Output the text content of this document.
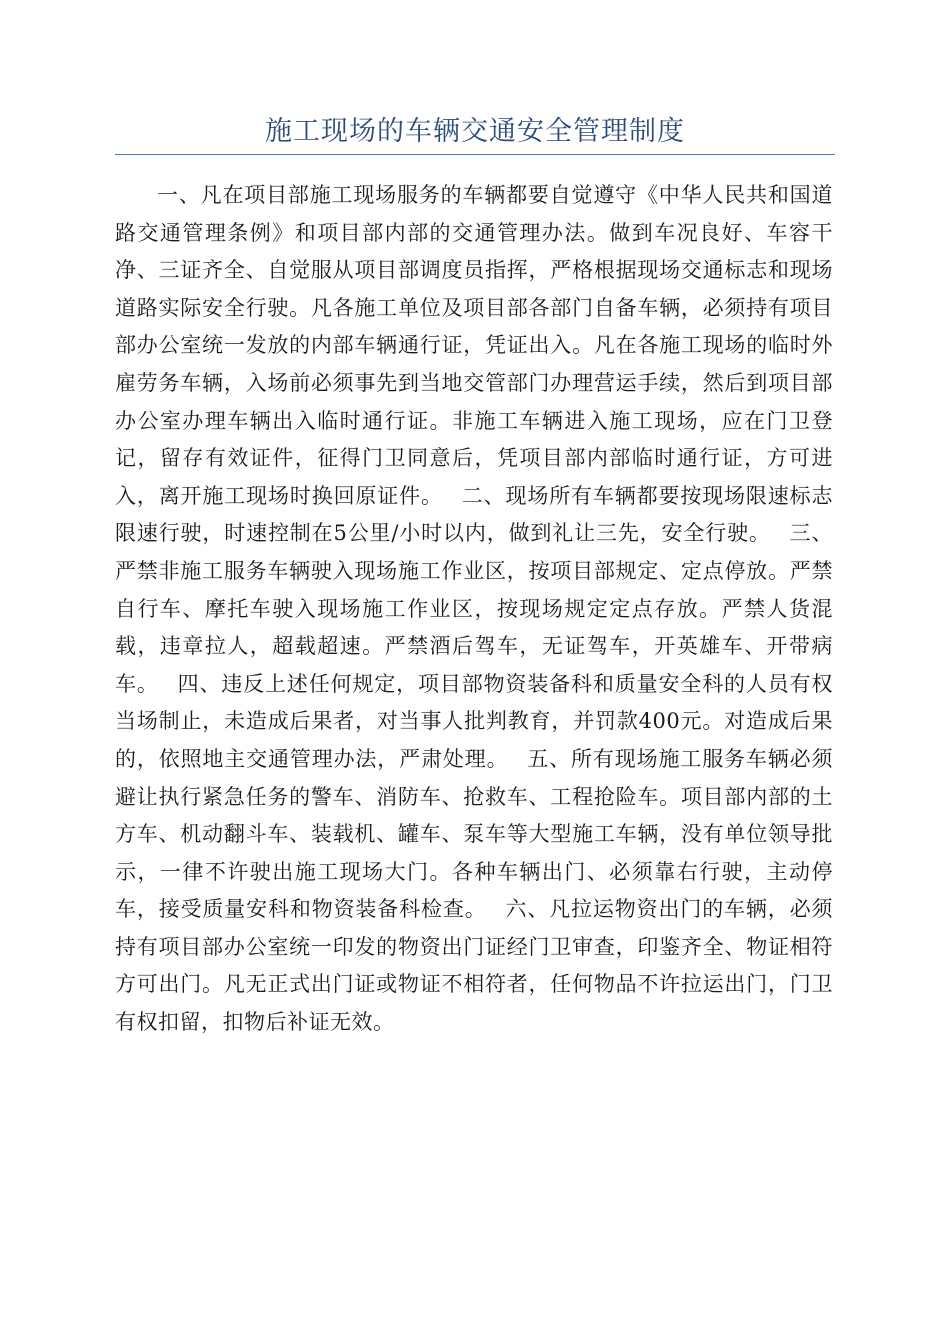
施工现场的车辆交通安全管理制度

一、凡在项目部施工现场服务的车辆都要自觉遵守《中华人民共和国道路交通管理条例》和项目部内部的交通管理办法。做到车况良好、车容干净、三证齐全、自觉服从项目部调度员指挥，严格根据现场交通标志和现场道路实际安全行驶。凡各施工单位及项目部各部门自备车辆，必须持有项目部办公室统一发放的内部车辆通行证，凭证出入。凡在各施工现场的临时外雇劳务车辆，入场前必须事先到当地交管部门办理营运手续，然后到项目部办公室办理车辆出入临时通行证。非施工车辆进入施工现场，应在门卫登记，留存有效证件，征得门卫同意后，凭项目部内部临时通行证，方可进入，离开施工现场时换回原证件。　 二、现场所有车辆都要按现场限速标志限速行驶，时速控制在5公里/小时以内，做到礼让三先，安全行驶。　 三、严禁非施工服务车辆驶入现场施工作业区，按项目部规定、定点停放。严禁自行车、摩托车驶入现场施工作业区，按现场规定定点存放。严禁人货混载，违章拉人，超载超速。严禁酒后驾车，无证驾车，开英雄车、开带病车。　 四、违反上述任何规定，项目部物资装备科和质量安全科的人员有权当场制止，未造成后果者，对当事人批判教育，并罚款400元。对造成后果的，依照地主交通管理办法，严肃处理。　 五、所有现场施工服务车辆必须避让执行紧急任务的警车、消防车、抢救车、工程抢险车。项目部内部的土方车、机动翻斗车、装载机、罐车、泵车等大型施工车辆，没有单位领导批示，一律不许驶出施工现场大门。各种车辆出门、必须靠右行驶，主动停车，接受质量安科和物资装备科检查。　 六、凡拉运物资出门的车辆，必须持有项目部办公室统一印发的物资出门证经门卫审查，印鉴齐全、物证相符方可出门。凡无正式出门证或物证不相符者，任何物品不许拉运出门，门卫有权扣留，扣物后补证无效。
